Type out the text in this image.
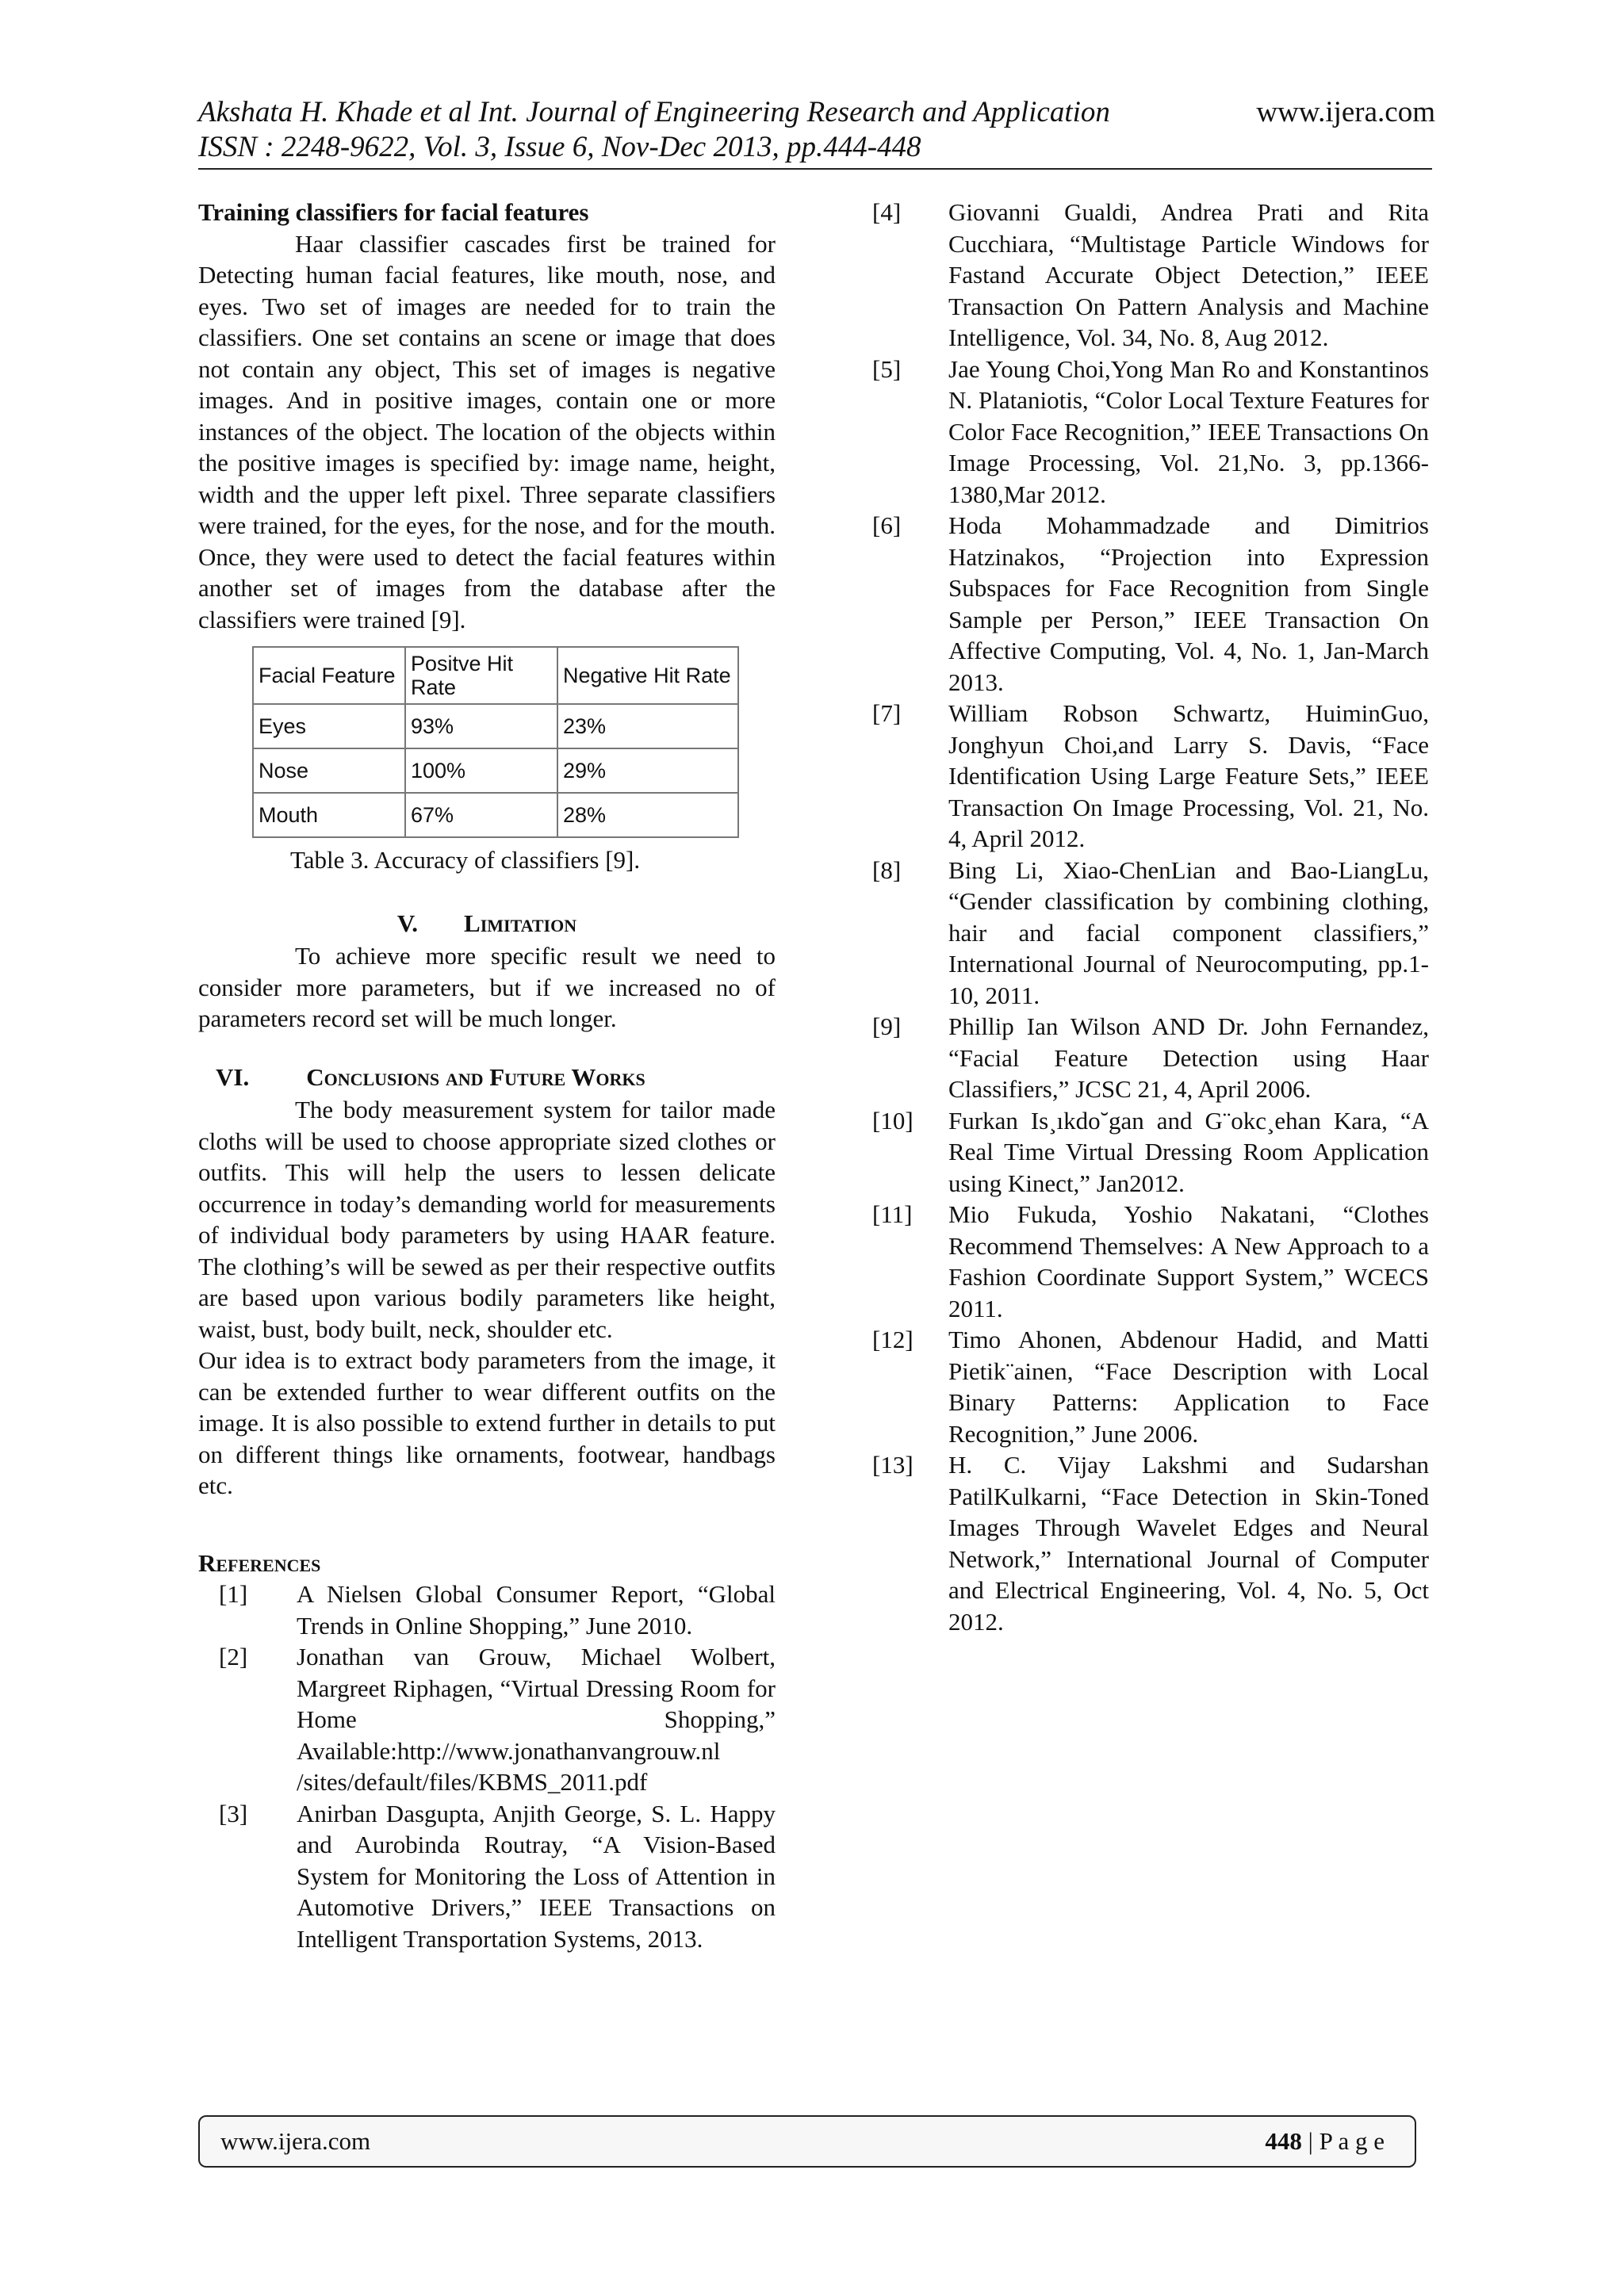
Akshata H. Khade et al Int. Journal of Engineering Research and Application	www.ijera.com
ISSN : 2248-9622, Vol. 3, Issue 6, Nov-Dec 2013, pp.444-448

Training classifiers for facial features

Haar classifier cascades first be trained for Detecting human facial features, like mouth, nose, and eyes. Two set of images are needed for to train the classifiers. One set contains an scene or image that does not contain any object, This set of images is negative images. And in positive images, contain one or more instances of the object. The location of the objects within the positive images is specified by: image name, height, width and the upper left pixel. Three separate classifiers were trained, for the eyes, for the nose, and for the mouth. Once, they were used to detect the facial features within another set of images from the database after the classifiers were trained [9].

Facial Feature	Positve Hit Rate	Negative Hit Rate
Eyes	93%	23%
Nose	100%	29%
Mouth	67%	28%

Table 3. Accuracy of classifiers [9].

V. Limitation

To achieve more specific result we need to consider more parameters, but if we increased no of parameters record set will be much longer.

VI. Conclusions and Future Works

The body measurement system for tailor made cloths will be used to choose appropriate sized clothes or outfits. This will help the users to lessen delicate occurrence in today’s demanding world for measurements of individual body parameters by using HAAR feature. The clothing’s will be sewed as per their respective outfits are based upon various bodily parameters like height, waist, bust, body built, neck, shoulder etc.

Our idea is to extract body parameters from the image, it can be extended further to wear different outfits on the image. It is also possible to extend further in details to put on different things like ornaments, footwear, handbags etc.

References

[1]	A Nielsen Global Consumer Report, “Global Trends in Online Shopping,” June 2010.
[2]	Jonathan van Grouw, Michael Wolbert, Margreet Riphagen, “Virtual Dressing Room for Home Shopping,” Available:http://www.jonathanvangrouw.nl /sites/default/files/KBMS_2011.pdf
[3]	Anirban Dasgupta, Anjith George, S. L. Happy and Aurobinda Routray, “A Vision-Based System for Monitoring the Loss of Attention in Automotive Drivers,” IEEE Transactions on Intelligent Transportation Systems, 2013.
[4]	Giovanni Gualdi, Andrea Prati and Rita Cucchiara, “Multistage Particle Windows for Fastand Accurate Object Detection,” IEEE Transaction On Pattern Analysis and Machine Intelligence, Vol. 34, No. 8, Aug 2012.
[5]	Jae Young Choi,Yong Man Ro and Konstantinos N. Plataniotis, “Color Local Texture Features for Color Face Recognition,” IEEE Transactions On Image Processing, Vol. 21,No. 3, pp.1366-1380,Mar 2012.
[6]	Hoda Mohammadzade and Dimitrios Hatzinakos, “Projection into Expression Subspaces for Face Recognition from Single Sample per Person,” IEEE Transaction On Affective Computing, Vol. 4, No. 1, Jan-March 2013.
[7]	William Robson Schwartz, HuiminGuo, Jonghyun Choi,and Larry S. Davis, “Face Identification Using Large Feature Sets,” IEEE Transaction On Image Processing, Vol. 21, No. 4, April 2012.
[8]	Bing Li, Xiao-ChenLian and Bao-LiangLu, “Gender classification by combining clothing, hair and facial component classifiers,” International Journal of Neurocomputing, pp.1-10, 2011.
[9]	Phillip Ian Wilson AND Dr. John Fernandez, “Facial Feature Detection using Haar Classifiers,” JCSC 21, 4, April 2006.
[10]	Furkan Is¸ıkdo˘gan and G¨okc¸ehan Kara, “A Real Time Virtual Dressing Room Application using Kinect,” Jan2012.
[11]	Mio Fukuda, Yoshio Nakatani, “Clothes Recommend Themselves: A New Approach to a Fashion Coordinate Support System,” WCECS 2011.
[12]	Timo Ahonen, Abdenour Hadid, and Matti Pietik¨ainen, “Face Description with Local Binary Patterns: Application to Face Recognition,” June 2006.
[13]	H. C. Vijay Lakshmi and Sudarshan PatilKulkarni, “Face Detection in Skin-Toned Images Through Wavelet Edges and Neural Network,” International Journal of Computer and Electrical Engineering, Vol. 4, No. 5, Oct 2012.
www.ijera.com	448 | P a g e
